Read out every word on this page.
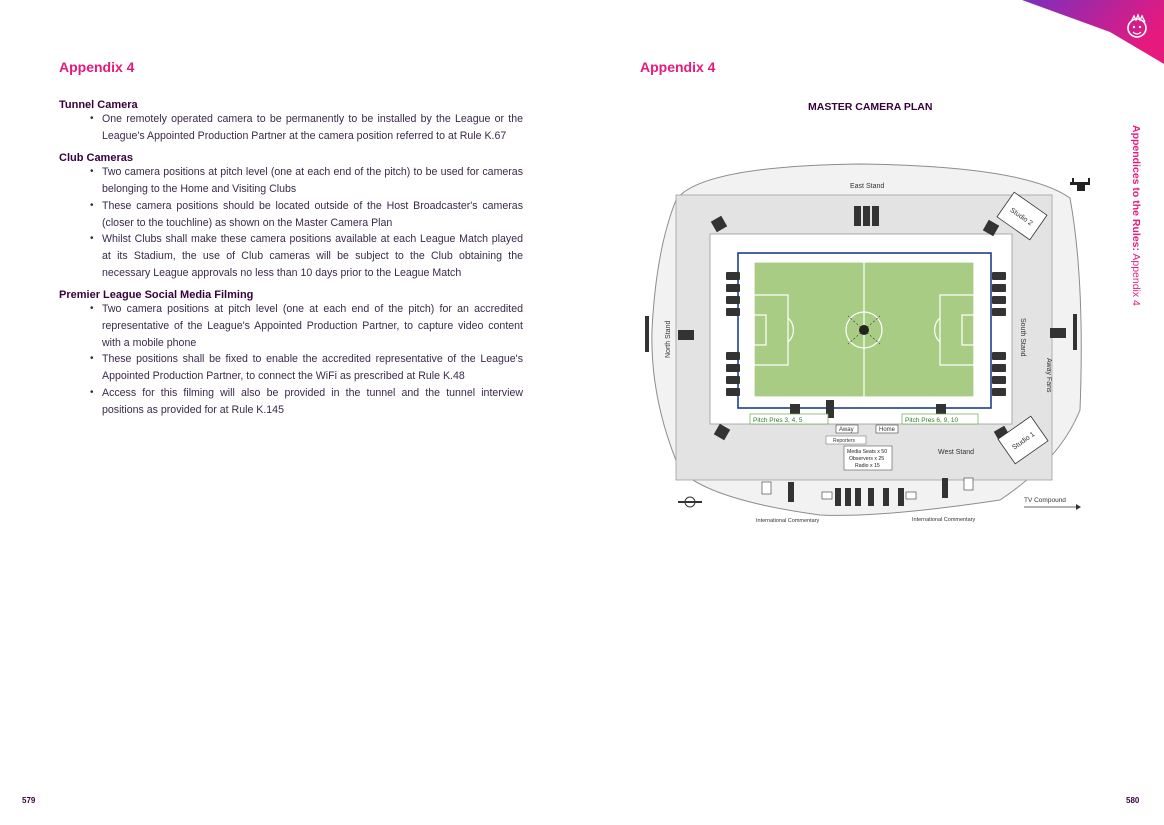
Appendix 4
Tunnel Camera
• One remotely operated camera to be permanently to be installed by the League or the League's Appointed Production Partner at the camera position referred to at Rule K.67
Club Cameras
• Two camera positions at pitch level (one at each end of the pitch) to be used for cameras belonging to the Home and Visiting Clubs
• These camera positions should be located outside of the Host Broadcaster's cameras (closer to the touchline) as shown on the Master Camera Plan
• Whilst Clubs shall make these camera positions available at each League Match played at its Stadium, the use of Club cameras will be subject to the Club obtaining the necessary League approvals no less than 10 days prior to the League Match
Premier League Social Media Filming
• Two camera positions at pitch level (one at each end of the pitch) for an accredited representative of the League's Appointed Production Partner, to capture video content with a mobile phone
• These positions shall be fixed to enable the accredited representative of the League's Appointed Production Partner, to connect the WiFi as prescribed at Rule K.48
• Access for this filming will also be provided in the tunnel and the tunnel interview positions as provided for at Rule K.145
579
Appendix 4
MASTER CAMERA PLAN
580
Appendices to the Rules: Appendix 4
Pitch Pres 3, 4, 5	Pitch Pres 6, 9, 10
Away	Home
Reporters
Media Seats x 50
Observers x 25
Radio x 15
East Stand
West Stand
North Stand	South Stand
Away Fans
Studio 2
Studio 1
International Commentary	International Commentary
TV Compound
